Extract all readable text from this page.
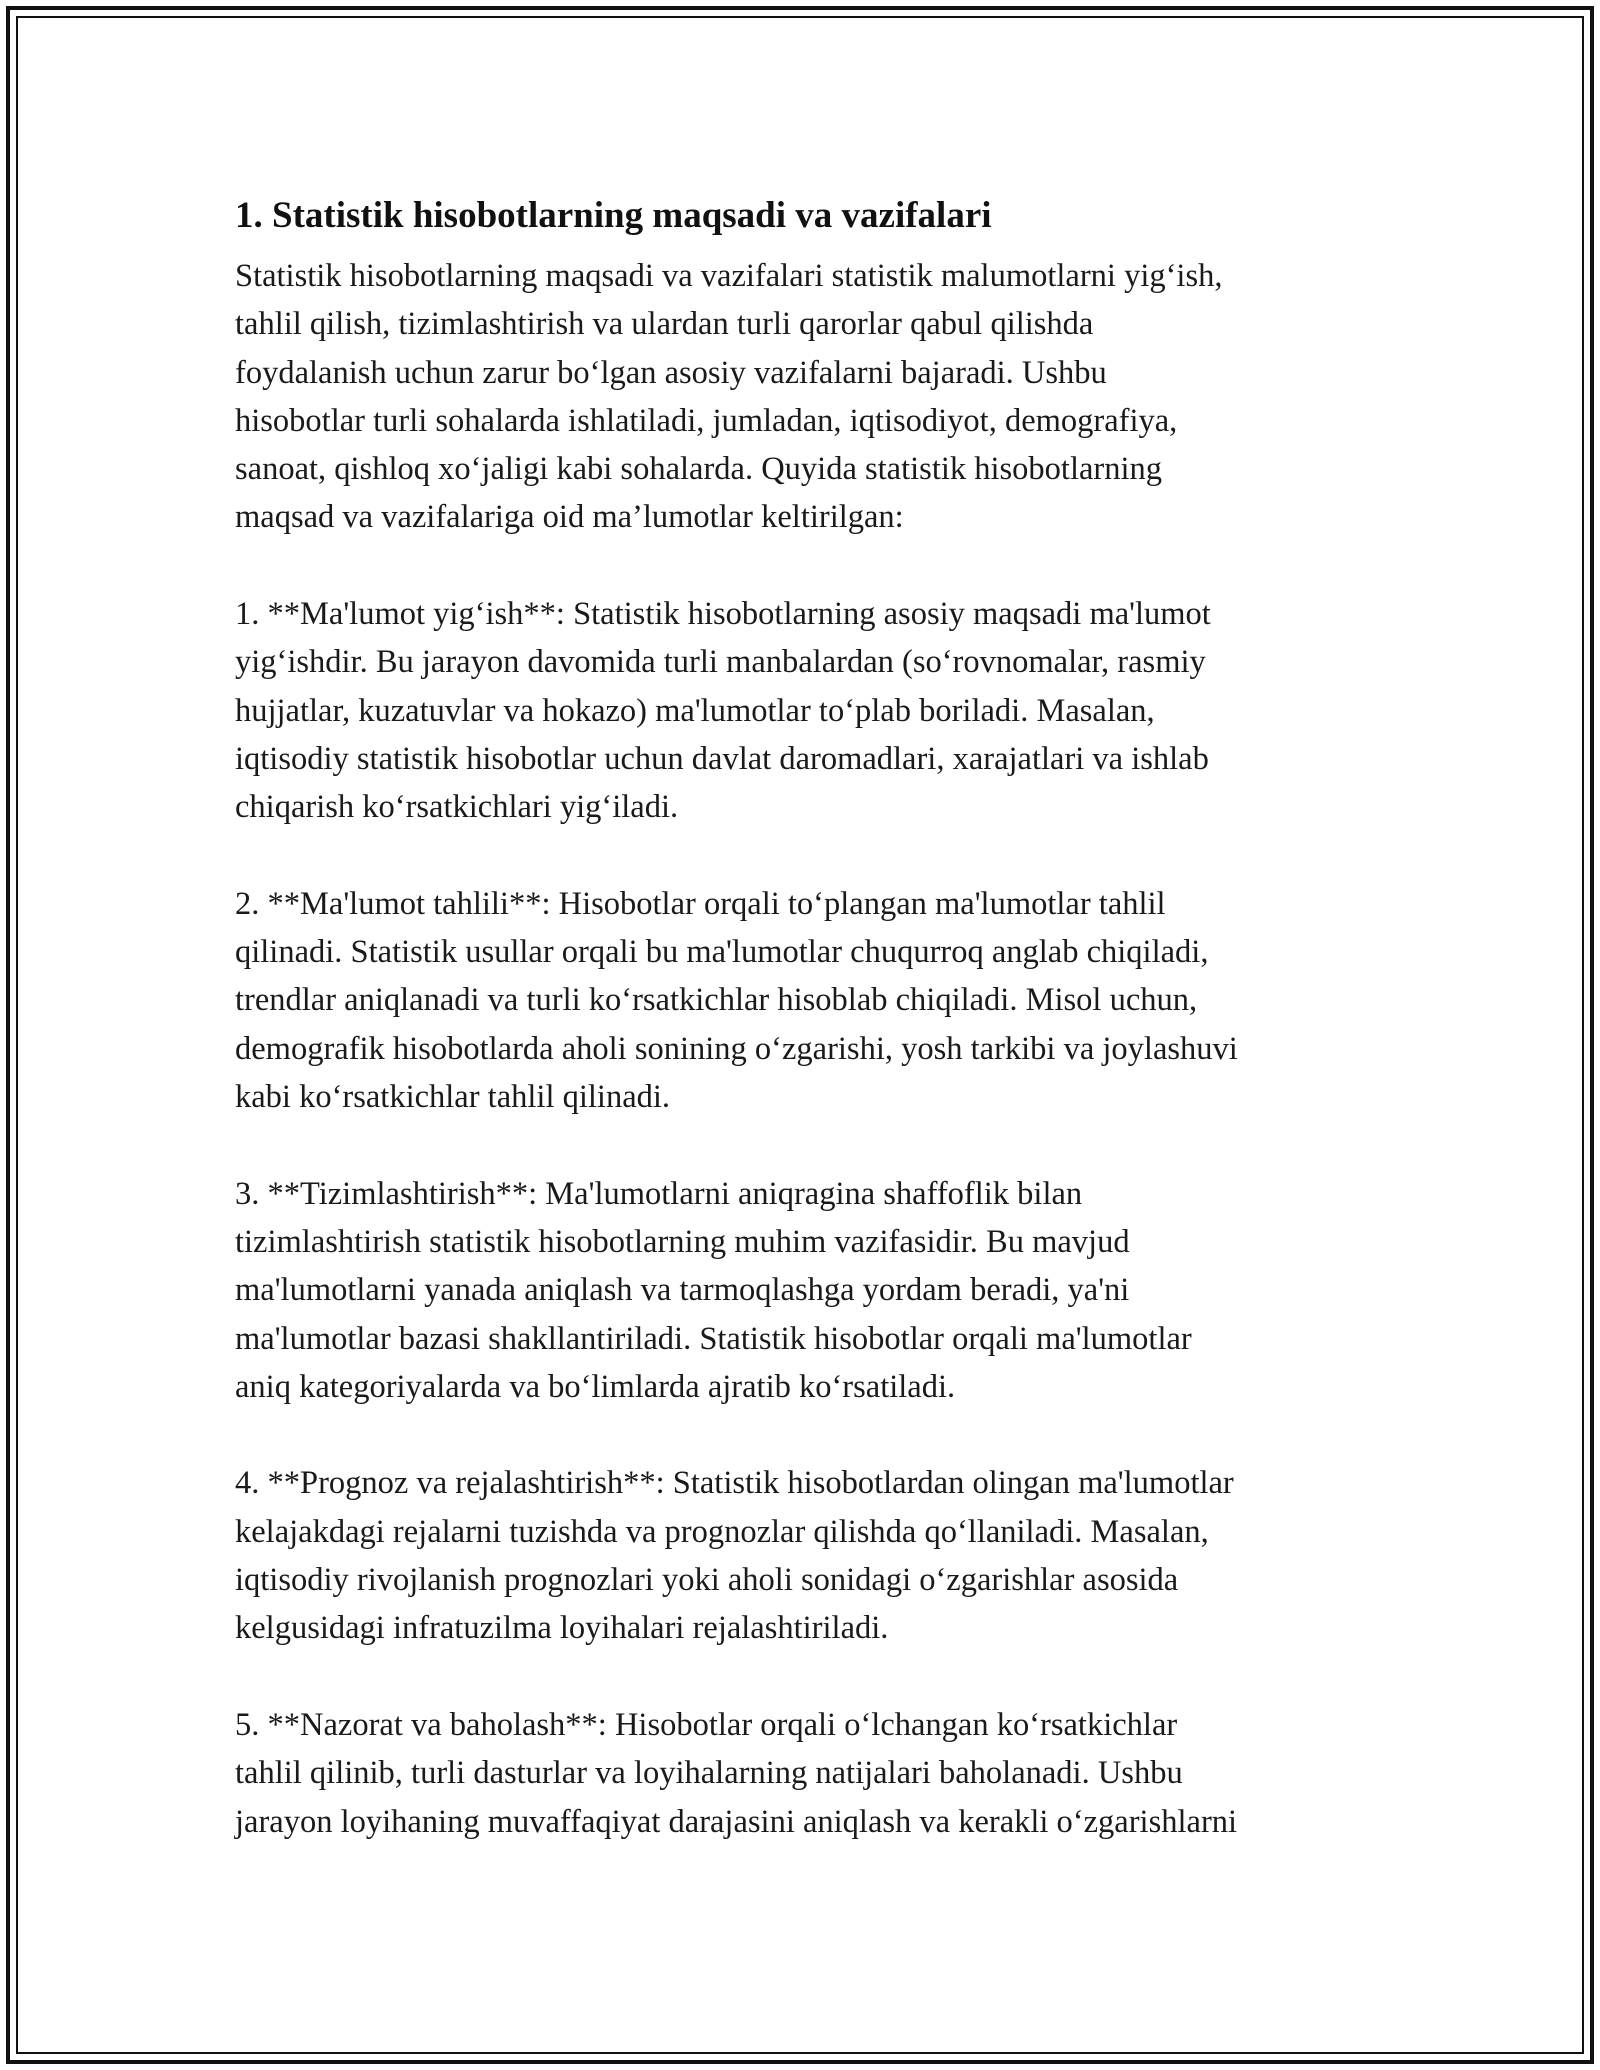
1. Statistik hisobotlarning maqsadi va vazifalari

Statistik hisobotlarning maqsadi va vazifalari statistik malumotlarni yig‘ish,
tahlil qilish, tizimlashtirish va ulardan turli qarorlar qabul qilishda
foydalanish uchun zarur bo‘lgan asosiy vazifalarni bajaradi. Ushbu
hisobotlar turli sohalarda ishlatiladi, jumladan, iqtisodiyot, demografiya,
sanoat, qishloq xo‘jaligi kabi sohalarda. Quyida statistik hisobotlarning
maqsad va vazifalariga oid ma’lumotlar keltirilgan:

1. **Ma'lumot yig‘ish**: Statistik hisobotlarning asosiy maqsadi ma'lumot
yig‘ishdir. Bu jarayon davomida turli manbalardan (so‘rovnomalar, rasmiy
hujjatlar, kuzatuvlar va hokazo) ma'lumotlar to‘plab boriladi. Masalan,
iqtisodiy statistik hisobotlar uchun davlat daromadlari, xarajatlari va ishlab
chiqarish ko‘rsatkichlari yig‘iladi.

2. **Ma'lumot tahlili**: Hisobotlar orqali to‘plangan ma'lumotlar tahlil
qilinadi. Statistik usullar orqali bu ma'lumotlar chuqurroq anglab chiqiladi,
trendlar aniqlanadi va turli ko‘rsatkichlar hisoblab chiqiladi. Misol uchun,
demografik hisobotlarda aholi sonining o‘zgarishi, yosh tarkibi va joylashuvi
kabi ko‘rsatkichlar tahlil qilinadi.

3. **Tizimlashtirish**: Ma'lumotlarni aniqragina shaffoflik bilan
tizimlashtirish statistik hisobotlarning muhim vazifasidir. Bu mavjud
ma'lumotlarni yanada aniqlash va tarmoqlashga yordam beradi, ya'ni
ma'lumotlar bazasi shakllantiriladi. Statistik hisobotlar orqali ma'lumotlar
aniq kategoriyalarda va bo‘limlarda ajratib ko‘rsatiladi.

4. **Prognoz va rejalashtirish**: Statistik hisobotlardan olingan ma'lumotlar
kelajakdagi rejalarni tuzishda va prognozlar qilishda qo‘llaniladi. Masalan,
iqtisodiy rivojlanish prognozlari yoki aholi sonidagi o‘zgarishlar asosida
kelgusidagi infratuzilma loyihalari rejalashtiriladi.

5. **Nazorat va baholash**: Hisobotlar orqali o‘lchangan ko‘rsatkichlar
tahlil qilinib, turli dasturlar va loyihalarning natijalari baholanadi. Ushbu
jarayon loyihaning muvaffaqiyat darajasini aniqlash va kerakli o‘zgarishlarni
